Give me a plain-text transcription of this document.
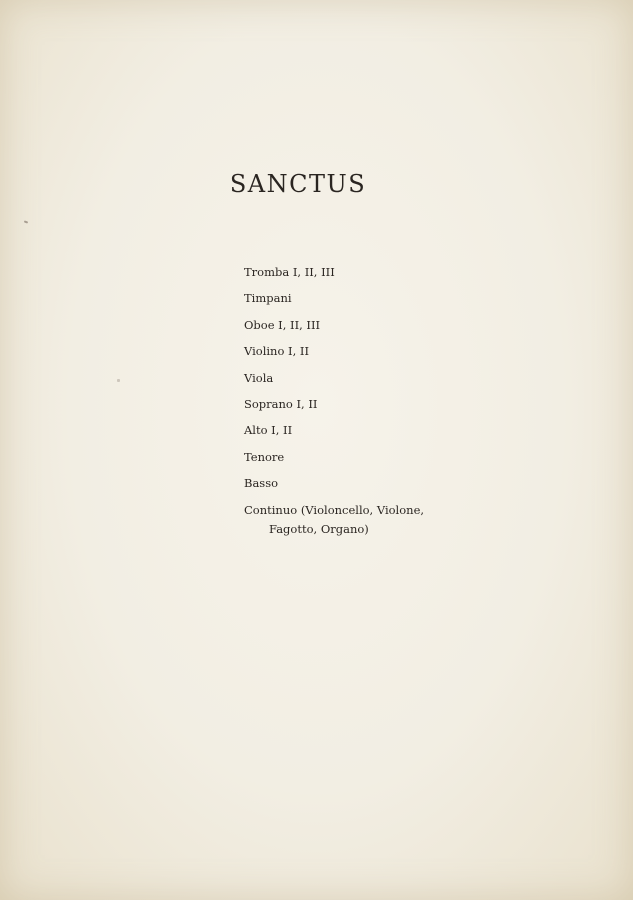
SANCTUS
Tromba I, II, III
Timpani
Oboe I, II, III
Violino I, II
Viola
Soprano I, II
Alto I, II
Tenore
Basso
Continuo (Violoncello, Violone,
Fagotto, Organo)
